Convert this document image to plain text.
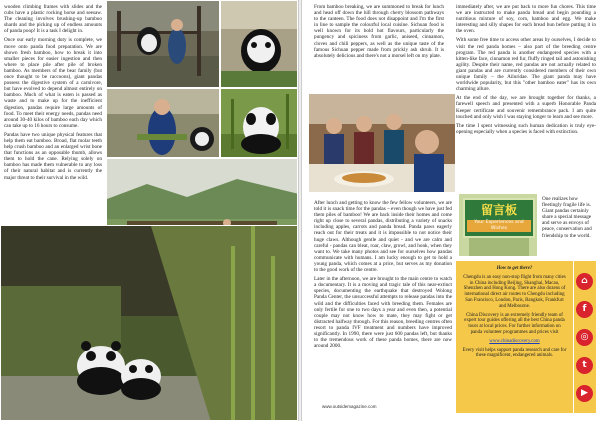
wooden climbing frames with slides and the cubs have a plastic rocking horse and seesaw. The cleaning involves brushing-up bamboo shards and the picking up of endless amounts of panda poop! It is a task I delight in.

Once our early morning duty is complete, we move onto panda food preparation. We are shown fresh bamboo, how to break it into smaller pieces for easier ingestion and then where to place pile after pile of broken bamboo. As members of the bear family (but once thought to be raccoons), giant pandas possess the digestive system of a carnivore, but have evolved to depend almost entirely on bamboo. Much of what is eaten is passed as waste and to make up for the inefficient digestion, pandas require large amounts of food. To meet their energy needs, pandas need around 30-40 kilos of bamboo each day which can take up to 16 hours to consume.

Pandas have two unique physical features that help them eat bamboo. Broad, flat molar teeth help crush bamboo and an enlarged wrist bone that functions as an opposable thumb, allows them to hold the cane. Relying solely on bamboo has made them vulnerable to any loss of their natural habitat and is currently the major threat to their survival in the wild.

From bamboo breaking, we are summoned to break for lunch and head off down the hill through cherry blossom pathways to the canteen. The food does not disappoint and I'm the first in line to sample the colourful local cuisine. Sichuan food is well known for its bold hot flavours, particularly the pungency and spiciness from garlic, aniseed, cinnamon, cloves and chili peppers, as well as the unique taste of the famous Sichuan pepper made from prickly ash shrub. It is absolutely delicious and there's not a morsel left on my plate.

immediately after, we are put back to more fun chores. This time we are instructed to make panda bread and begin pounding a nutritious mixture of soy, corn, bamboo and egg. We make interesting and silly shapes for each bread bun before putting it in the oven.

With some free time to access other areas by ourselves, I decide to visit the red panda homes – also part of the breeding centre program. The red panda is another endangered species with a kitten-like face, cinnamon red fur, fluffy ringed tail and astonishing agility. Despite their name, red pandas are not actually related to giant pandas and are currently considered members of their own unique family – the Ailuridae. The giant panda may have worldwide popularity, but this "other bamboo eater" has its own charming allure.

At the end of the day, we are brought together for thanks, a farewell speech and presented with a superb Honorable Panda Keeper certificate and souvenir remembrance pack. I am quite touched and only wish I was staying longer to learn and see more.

The time I spent witnessing such human dedication is truly eye-opening especially when a species is faced with extinction.

After lunch and getting to know the few fellow volunteers, we are told it is snack time for the pandas – even though we have just fed them piles of bamboo! We are back inside their homes and come right up close to several pandas, distributing a variety of snacks including apples, carrots and panda bread. Panda paws eagerly reach out for their treats and it is impossible to not notice their huge claws. Although gentle and quiet - and we are calm and careful - pandas can bleat, roar, claw, growl, and honk, when they want to. We take many photos and see for ourselves how pandas communicate with humans. I am lucky enough to get to hold a young panda, which comes at a price, but serves as my donation to the good work of the centre.

Later in the afternoon, we are brought to the main centre to watch a documentary. It is a moving and tragic tale of this near-extinct species, documenting the earthquake that destroyed Wolong Panda Center, the unsuccessful attempts to release pandas into the wild and the difficulties faced with breeding them. Females are only fertile for one to two days a year and even then, a potential couple may not know how to mate, they may fight or get distracted halfway through. For this reason, breeding centres often resort to panda IVF treatment and numbers have improved significantly. In 1990, there were just 600 pandas left, but thanks to the tremendous work of these panda homes, there are now around 2000.

留言板
Your Experiences and Wishes

One realizes how fleetingly fragile life is. Giant pandas certainly share a special message and serve as envoys of peace, conservation and friendship to the world.

How to get there?

Chengdu is an easy non-stop flight from many cities in China including Beijing, Shanghai, Macau, Shenzhen and Hong Kong. There are also dozens of international direct air routes to Chengdu including San Francisco, London, Paris, Bangkok, Frankfurt and Melbourne.

China Discovery is an extremely friendly team of expert tour guides offering all the best China panda tours at local prices. For further information on panda volunteer programmes and prices visit

www.chinadiscovery.com

Every visit helps support panda research and care for these magnificent, endangered animals.

⌂
f
◎
t
▶
www.outsidemagazine.com
